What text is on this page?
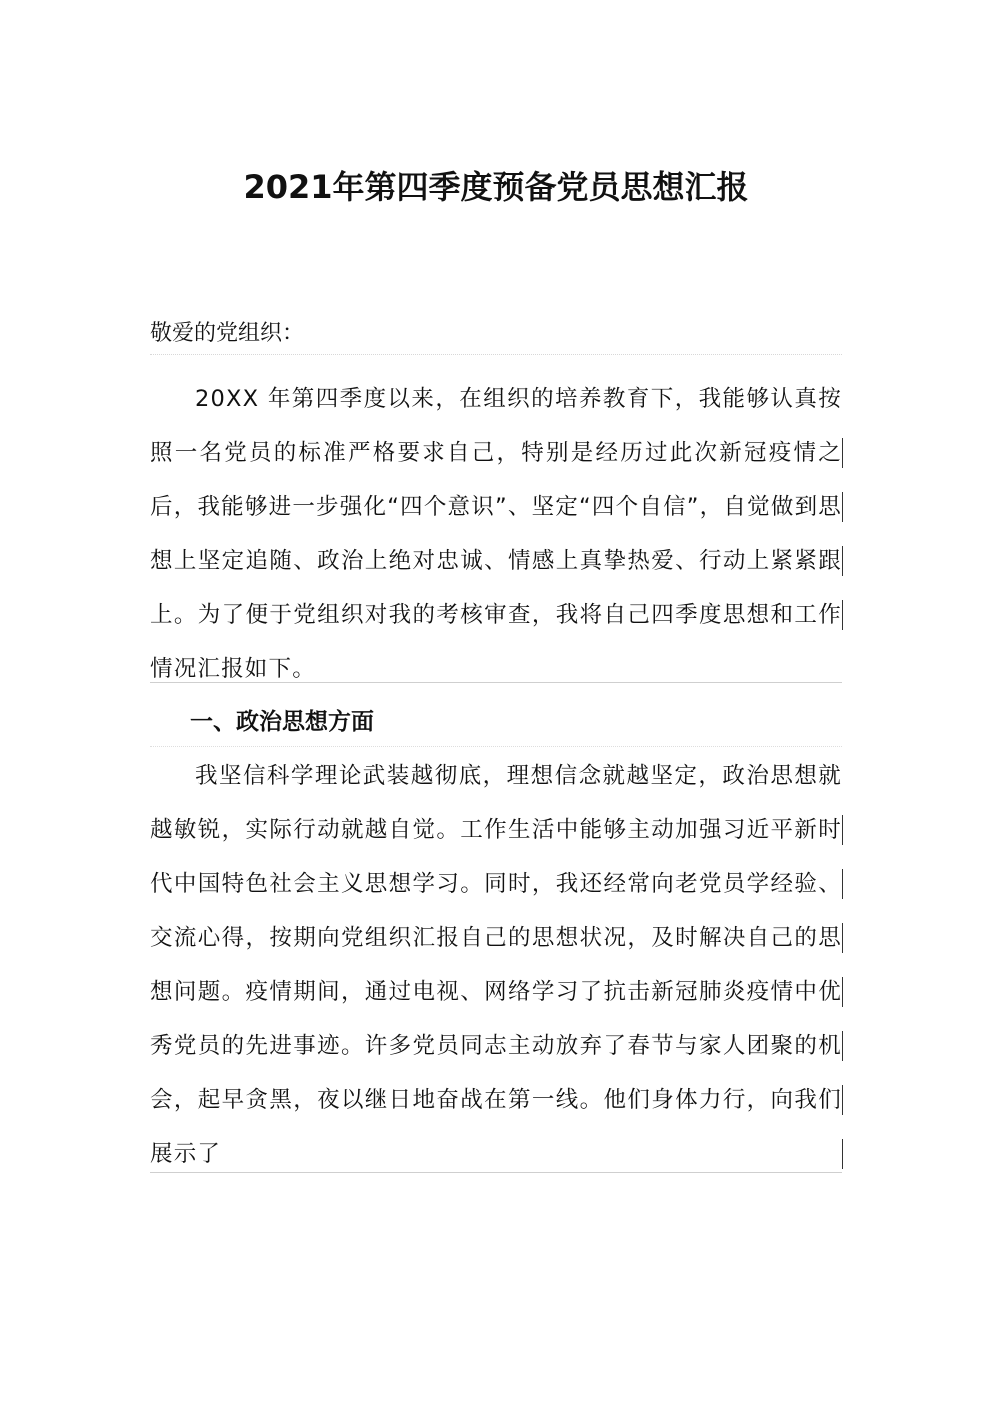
2021年第四季度预备党员思想汇报

敬爱的党组织：

20XX 年第四季度以来，在组织的培养教育下，我能够认真按照一名党员的标准严格要求自己，特别是经历过此次新冠疫情之后，我能够进一步强化“四个意识”、坚定“四个自信”，自觉做到思想上坚定追随、政治上绝对忠诚、情感上真挚热爱、行动上紧紧跟上。为了便于党组织对我的考核审查，我将自己四季度思想和工作情况汇报如下。

一、政治思想方面

我坚信科学理论武装越彻底，理想信念就越坚定，政治思想就越敏锐，实际行动就越自觉。工作生活中能够主动加强习近平新时代中国特色社会主义思想学习。同时，我还经常向老党员学经验、交流心得，按期向党组织汇报自己的思想状况，及时解决自己的思想问题。疫情期间，通过电视、网络学习了抗击新冠肺炎疫情中优秀党员的先进事迹。许多党员同志主动放弃了春节与家人团聚的机会，起早贪黑，夜以继日地奋战在第一线。他们身体力行，向我们展示了
